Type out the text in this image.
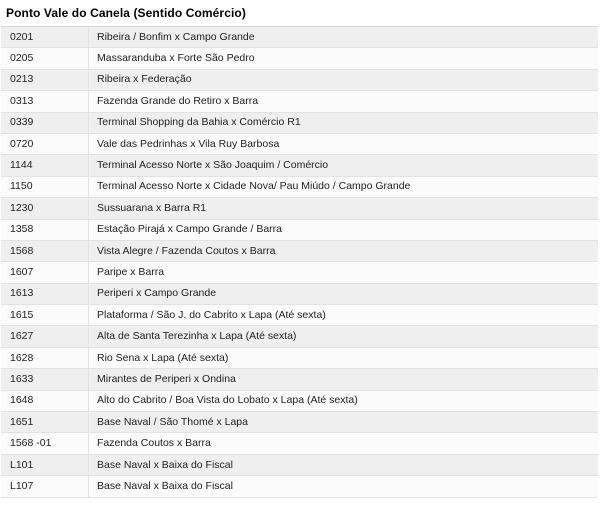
Ponto Vale do Canela (Sentido Comércio)
0201	Ribeira / Bonfim x Campo Grande
0205	Massaranduba x Forte São Pedro
0213	Ribeira x Federação
0313	Fazenda Grande do Retiro x Barra
0339	Terminal Shopping da Bahia x Comércio R1
0720	Vale das Pedrinhas x Vila Ruy Barbosa
1144	Terminal Acesso Norte x São Joaquim / Comércio
1150	Terminal Acesso Norte x Cidade Nova/ Pau Miúdo / Campo Grande
1230	Sussuarana x Barra R1
1358	Estação Pirajá x Campo Grande / Barra
1568	Vista Alegre / Fazenda Coutos x Barra
1607	Paripe x Barra
1613	Periperi x Campo Grande
1615	Plataforma / São J. do Cabrito x Lapa (Até sexta)
1627	Alta de Santa Terezinha x Lapa (Até sexta)
1628	Rio Sena x Lapa (Até sexta)
1633	Mirantes de Periperi x Ondina
1648	Alto do Cabrito / Boa Vista do Lobato x Lapa (Até sexta)
1651	Base Naval / São Thomé x Lapa
1568 -01	Fazenda Coutos x Barra
L101	Base Naval x Baixa do Fiscal
L107	Base Naval x Baixa do Fiscal
